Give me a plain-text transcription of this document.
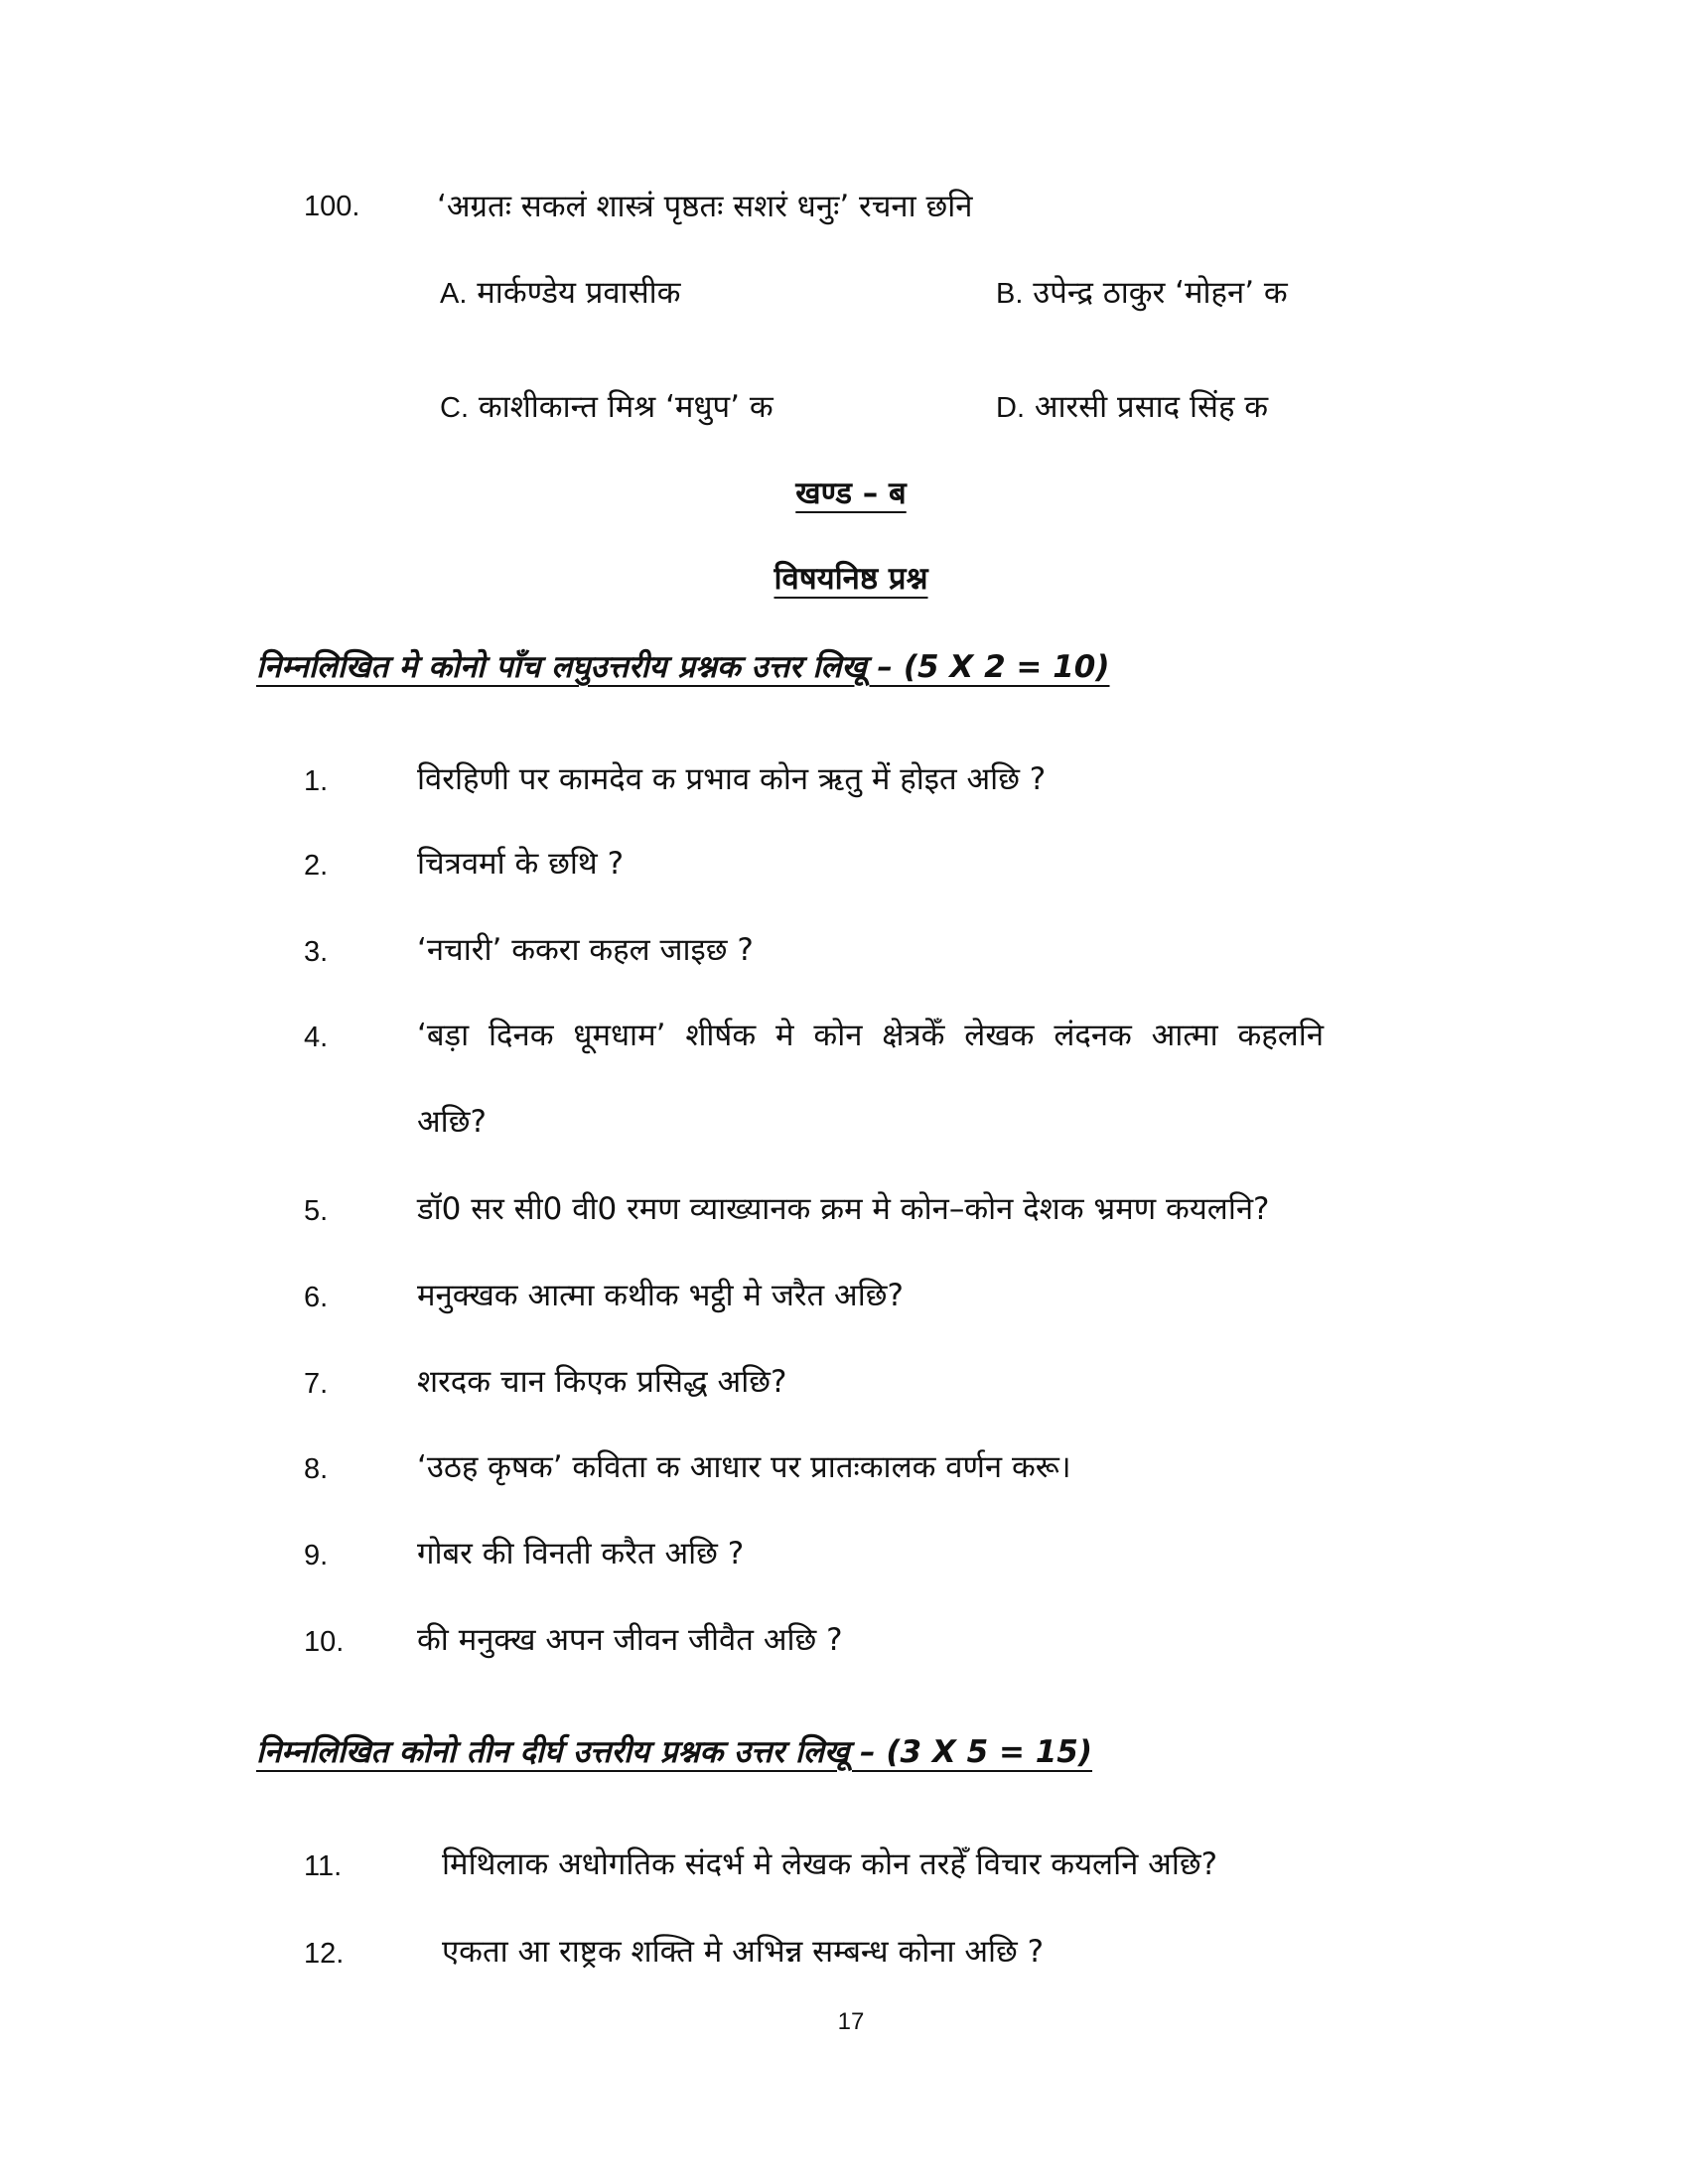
100.	‘अग्रतः सकलं शास्त्रं पृष्ठतः सशरं धनुः’ रचना छनि
A. मार्कण्डेय प्रवासीक	B. उपेन्द्र ठाकुर ‘मोहन’ क
C. काशीकान्त मिश्र ‘मधुप’ क	D. आरसी प्रसाद सिंह क
खण्ड – ब
विषयनिष्ठ प्रश्न
निम्नलिखित मे कोनो पाँच लघुउत्तरीय प्रश्नक उत्तर लिखू – (5 X 2 = 10)
1.	विरहिणी पर कामदेव क प्रभाव कोन ऋतु में होइत अछि ?
2.	चित्रवर्मा के छथि ?
3.	‘नचारी’ ककरा कहल जाइछ ?
4.	‘बड़ा दिनक धूमधाम’ शीर्षक मे कोन क्षेत्रकेँ लेखक लंदनक आत्मा कहलनि
अछि?
5.	डॉ0 सर सी0 वी0 रमण व्याख्यानक क्रम मे कोन–कोन देशक भ्रमण कयलनि?
6.	मनुक्खक आत्मा कथीक भट्ठी मे जरैत अछि?
7.	शरदक चान किएक प्रसिद्ध अछि?
8.	‘उठह कृषक’ कविता क आधार पर प्रातःकालक वर्णन करू।
9.	गोबर की विनती करैत अछि ?
10. की मनुक्ख अपन जीवन जीवैत अछि ?
निम्नलिखित कोनो तीन दीर्घ उत्तरीय प्रश्नक उत्तर लिखू – (3 X 5 = 15)
11.	मिथिलाक अधोगतिक संदर्भ मे लेखक कोन तरहेँ विचार कयलनि अछि?
12.	एकता आ राष्ट्रक शक्ति मे अभिन्न सम्बन्ध कोना अछि ?
17
